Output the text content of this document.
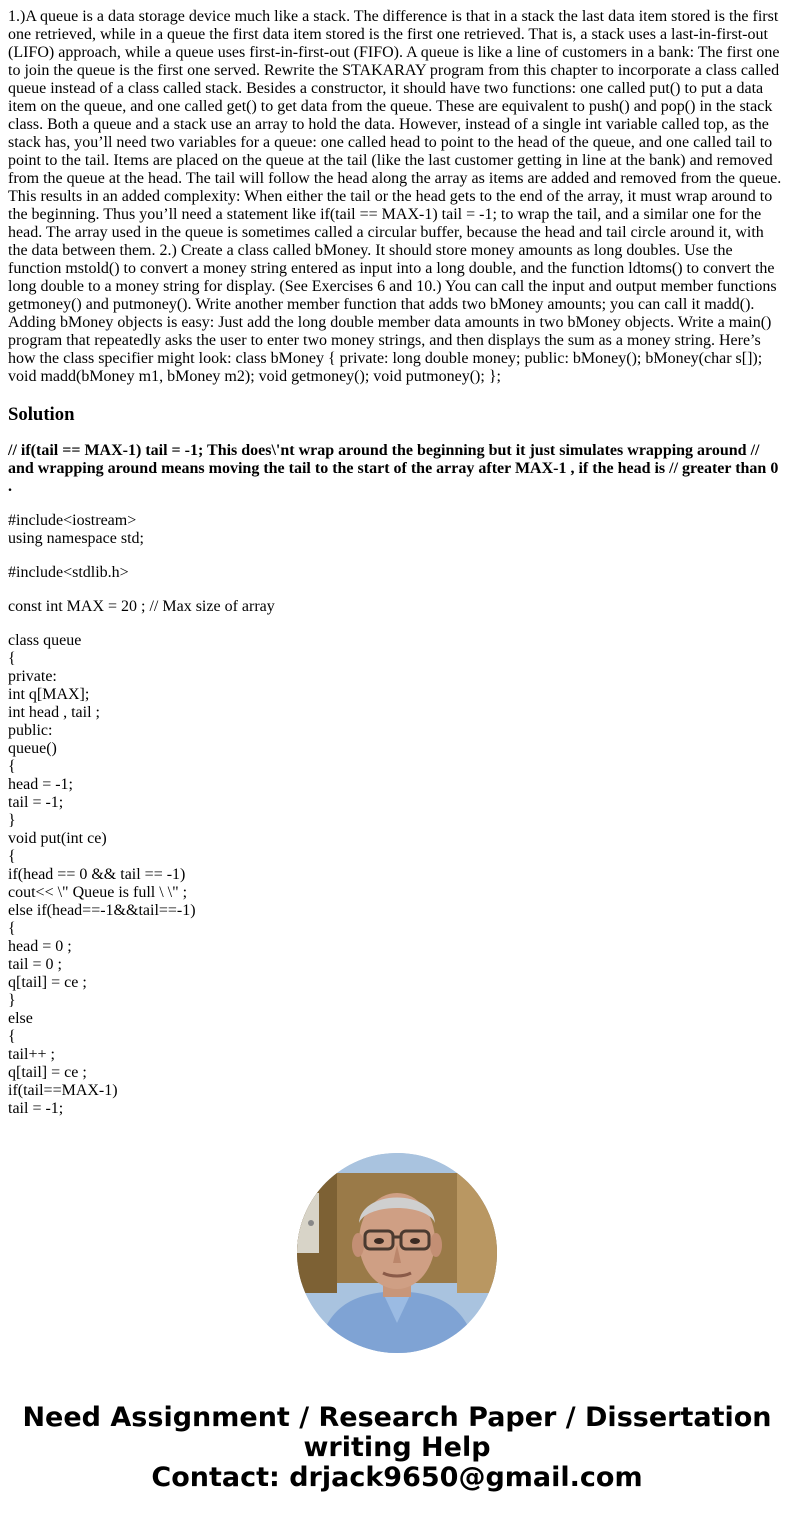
1.)A queue is a data storage device much like a stack. The difference is that in a stack the last data item stored is the first one retrieved, while in a queue the first data item stored is the first one retrieved. That is, a stack uses a last-in-first-out (LIFO) approach, while a queue uses first-in-first-out (FIFO). A queue is like a line of customers in a bank: The first one to join the queue is the first one served. Rewrite the STAKARAY program from this chapter to incorporate a class called queue instead of a class called stack. Besides a constructor, it should have two functions: one called put() to put a data item on the queue, and one called get() to get data from the queue. These are equivalent to push() and pop() in the stack class. Both a queue and a stack use an array to hold the data. However, instead of a single int variable called top, as the stack has, you’ll need two variables for a queue: one called head to point to the head of the queue, and one called tail to point to the tail. Items are placed on the queue at the tail (like the last customer getting in line at the bank) and removed from the queue at the head. The tail will follow the head along the array as items are added and removed from the queue. This results in an added complexity: When either the tail or the head gets to the end of the array, it must wrap around to the beginning. Thus you’ll need a statement like if(tail == MAX-1) tail = -1; to wrap the tail, and a similar one for the head. The array used in the queue is sometimes called a circular buffer, because the head and tail circle around it, with the data between them. 2.) Create a class called bMoney. It should store money amounts as long doubles. Use the function mstold() to convert a money string entered as input into a long double, and the function ldtoms() to convert the long double to a money string for display. (See Exercises 6 and 10.) You can call the input and output member functions getmoney() and putmoney(). Write another member function that adds two bMoney amounts; you can call it madd(). Adding bMoney objects is easy: Just add the long double member data amounts in two bMoney objects. Write a main() program that repeatedly asks the user to enter two money strings, and then displays the sum as a money string. Here’s how the class specifier might look: class bMoney { private: long double money; public: bMoney(); bMoney(char s[]); void madd(bMoney m1, bMoney m2); void getmoney(); void putmoney(); };

Solution

// if(tail == MAX-1) tail = -1; This does\'nt wrap around the beginning but it just simulates wrapping around // and wrapping around means moving the tail to the start of the array after MAX-1 , if the head is // greater than 0 .

#include<iostream>
using namespace std;
#include<stdlib.h>
const int MAX = 20 ; // Max size of array
class queue
{
private:
int q[MAX];
int head , tail ;
public:
queue()
{
head = -1;
tail = -1;
}
void put(int ce)
{
if(head == 0 && tail == -1)
cout<< \" Queue is full \ \" ;
else if(head==-1&&tail==-1)
{
head = 0 ;
tail = 0 ;
q[tail] = ce ;
}
else
{
tail++ ;
q[tail] = ce ;
if(tail==MAX-1)
tail = -1;
Need Assignment / Research Paper / Dissertation
writing Help
Contact: drjack9650@gmail.com
